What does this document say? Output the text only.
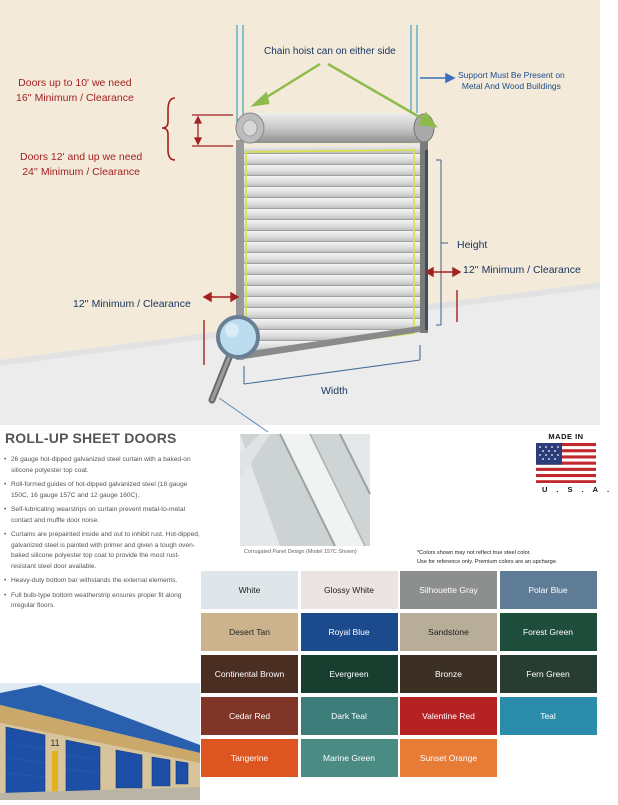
Chain hoist can on either side
Support Must Be Present on
Metal And Wood Buildings
Doors up to 10' we need
16'' Minimum / Clearance
Doors 12' and up we need
24'' Minimum / Clearance
Height
12'' Minimum / Clearance
12'' Minimum / Clearance
Width
ROLL-UP SHEET DOORS
• 26 gauge hot-dipped galvanized steel curtain with a baked-on silicone polyester top coat.
• Roll-formed guides of hot-dipped galvanized steel (18 gauge 150C, 16 gauge 157C and 12 gauge 160C).
• Self-lubricating wearstrips on curtain prevent metal-to-metal contact and muffle door noise.
• Curtains are prepainted inside and out to inhibit rust. Hot-dipped, galvanized steel is painted with primer and given a tough oven-baked silicone polyester top coat to provide the most rust-resistant steel door available.
• Heavy-duty bottom bar withstands the external elements.
• Full bulb-type bottom weatherstrip ensures proper fit along irregular floors.
Corrugated Panel Design (Model 157C Shown)
MADE IN
U.S.A.
*Colors shown may not reflect true steel color.
Use for reference only. Premium colors are an upcharge.
White	Glossy White	Silhouette Gray	Polar Blue
Desert Tan	Royal Blue	Sandstone	Forest Green
Continental Brown	Evergreen	Bronze	Fern Green
Cedar Red	Dark Teal	Valentine Red	Teal
Tangerine	Marine Green	Sunset Orange
11
